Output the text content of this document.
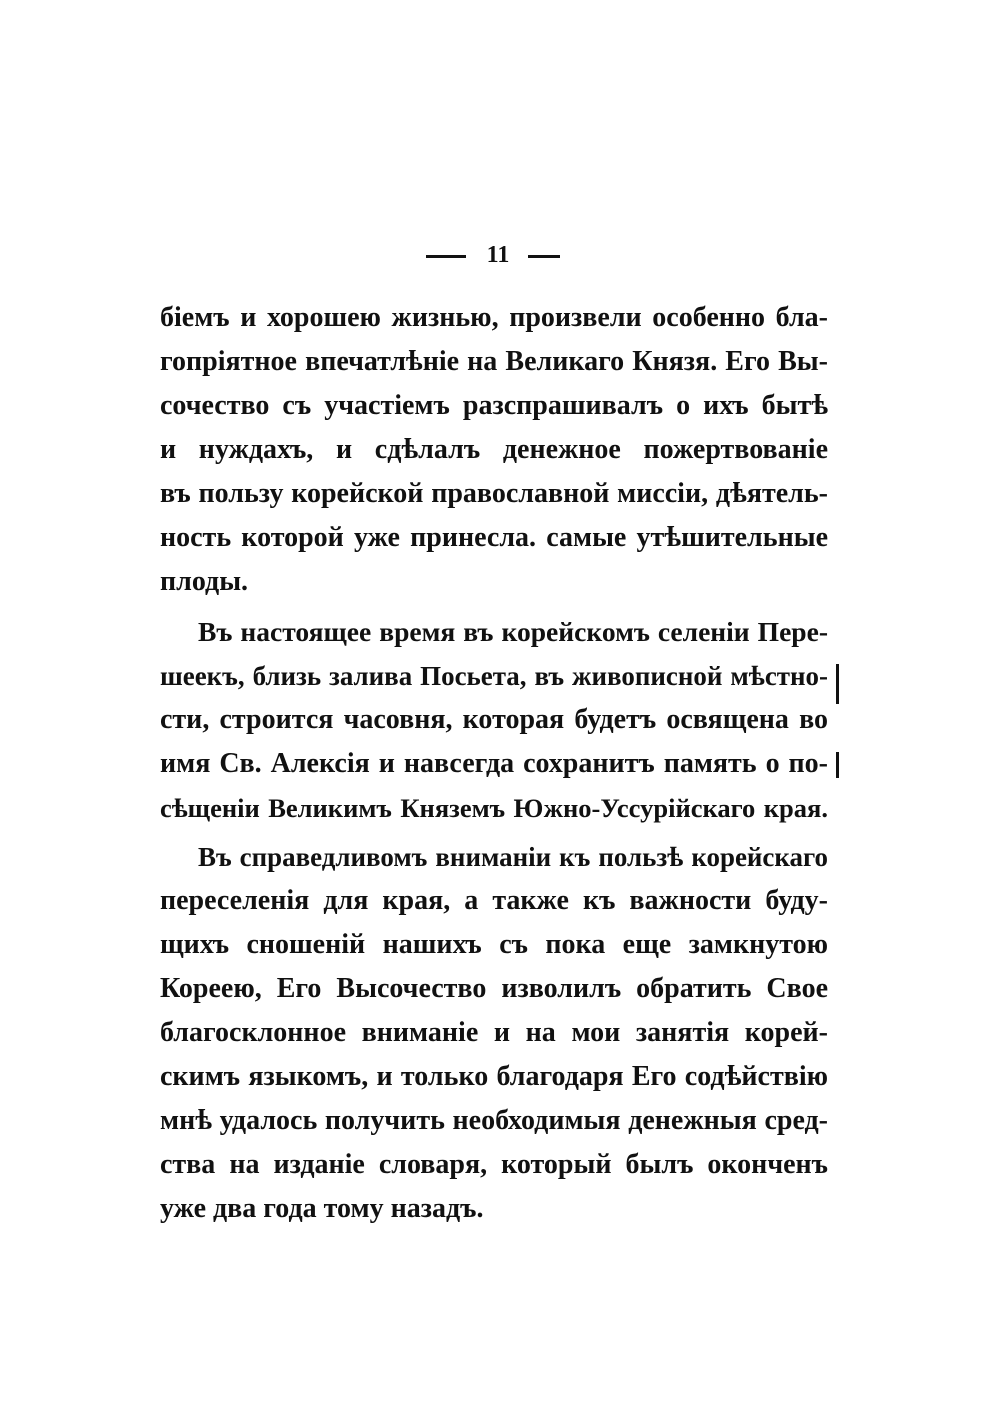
11
біемъ и хорошею жизнью, произвели особенно бла-
гопріятное впечатлѣніе на Великаго Князя. Его Вы-
сочество съ участіемъ разспрашивалъ о ихъ бытѣ
и нуждахъ, и сдѣлалъ денежное пожертвованіе
въ пользу корейской православной миссіи, дѣятель-
ность которой уже принесла. самые утѣшительные
плоды.
Въ настоящее время въ корейскомъ селеніи Пере-
шеекъ, близь залива Посьета, въ живописной мѣстно-
сти, строится часовня, которая будетъ освящена во
имя Св. Алексія и навсегда сохранитъ память о по-
сѣщеніи Великимъ Княземъ Южно-Уссурійскаго края.
Въ справедливомъ вниманіи къ пользѣ корейскаго
переселенія для края, а также къ важности буду-
щихъ сношеній нашихъ съ пока еще замкнутою
Кореею, Его Высочество изволилъ обратить Свое
благосклонное вниманіе и на мои занятія корей-
скимъ языкомъ, и только благодаря Его содѣйствію
мнѣ удалось получить необходимыя денежныя сред-
ства на изданіе словаря, который былъ оконченъ
уже два года тому назадъ.
